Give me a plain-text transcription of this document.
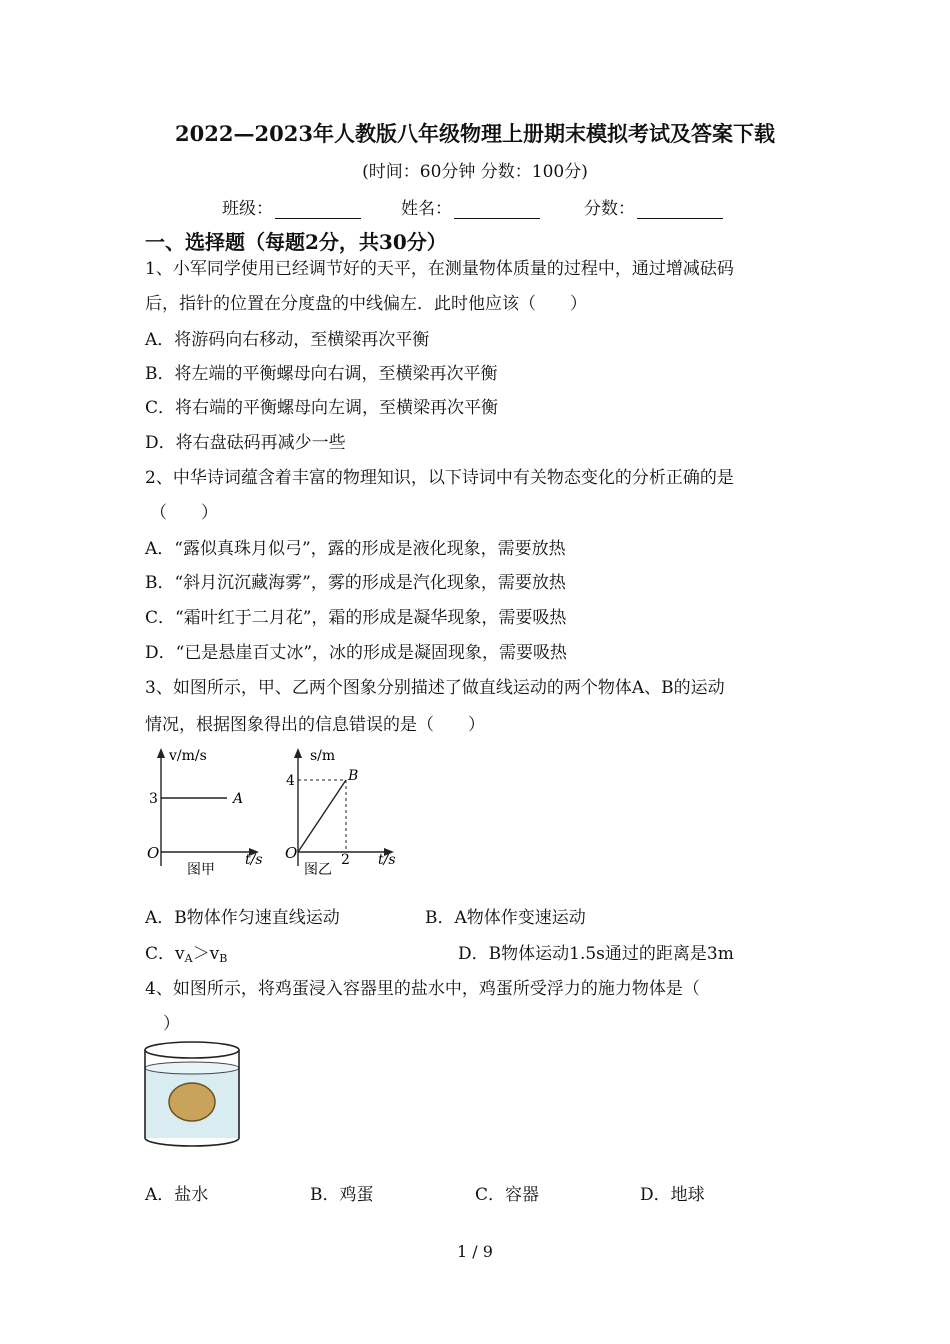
2022—2023年人教版八年级物理上册期末模拟考试及答案下载
(时间：60分钟 分数：100分)
班级：	姓名：	分数：
一、选择题（每题2分，共30分）
1、小军同学使用已经调节好的天平，在测量物体质量的过程中，通过增减砝码
后，指针的位置在分度盘的中线偏左．此时他应该（　　）
A．将游码向右移动，至横梁再次平衡
B．将左端的平衡螺母向右调，至横梁再次平衡
C．将右端的平衡螺母向左调，至横梁再次平衡
D．将右盘砝码再减少一些
2、中华诗词蕴含着丰富的物理知识，以下诗词中有关物态变化的分析正确的是
（　　）
A．“露似真珠月似弓”，露的形成是液化现象，需要放热
B．“斜月沉沉藏海雾”，雾的形成是汽化现象，需要放热
C．“霜叶红于二月花”，霜的形成是凝华现象，需要吸热
D．“已是悬崖百丈冰”，冰的形成是凝固现象，需要吸热
3、如图所示，甲、乙两个图象分别描述了做直线运动的两个物体A、B的运动
情况，根据图象得出的信息错误的是（　　）
v/m/s
3	A
O	t/s
图甲
s/m
4	B
2
O	t/s
图乙
A．B物体作匀速直线运动	B．A物体作变速运动
C．$v_A>v_B$	D．B物体运动1.5s通过的距离是3m
4、如图所示，将鸡蛋浸入容器里的盐水中，鸡蛋所受浮力的施力物体是（
）
A．盐水	B．鸡蛋	C．容器	D．地球
1 / 9
